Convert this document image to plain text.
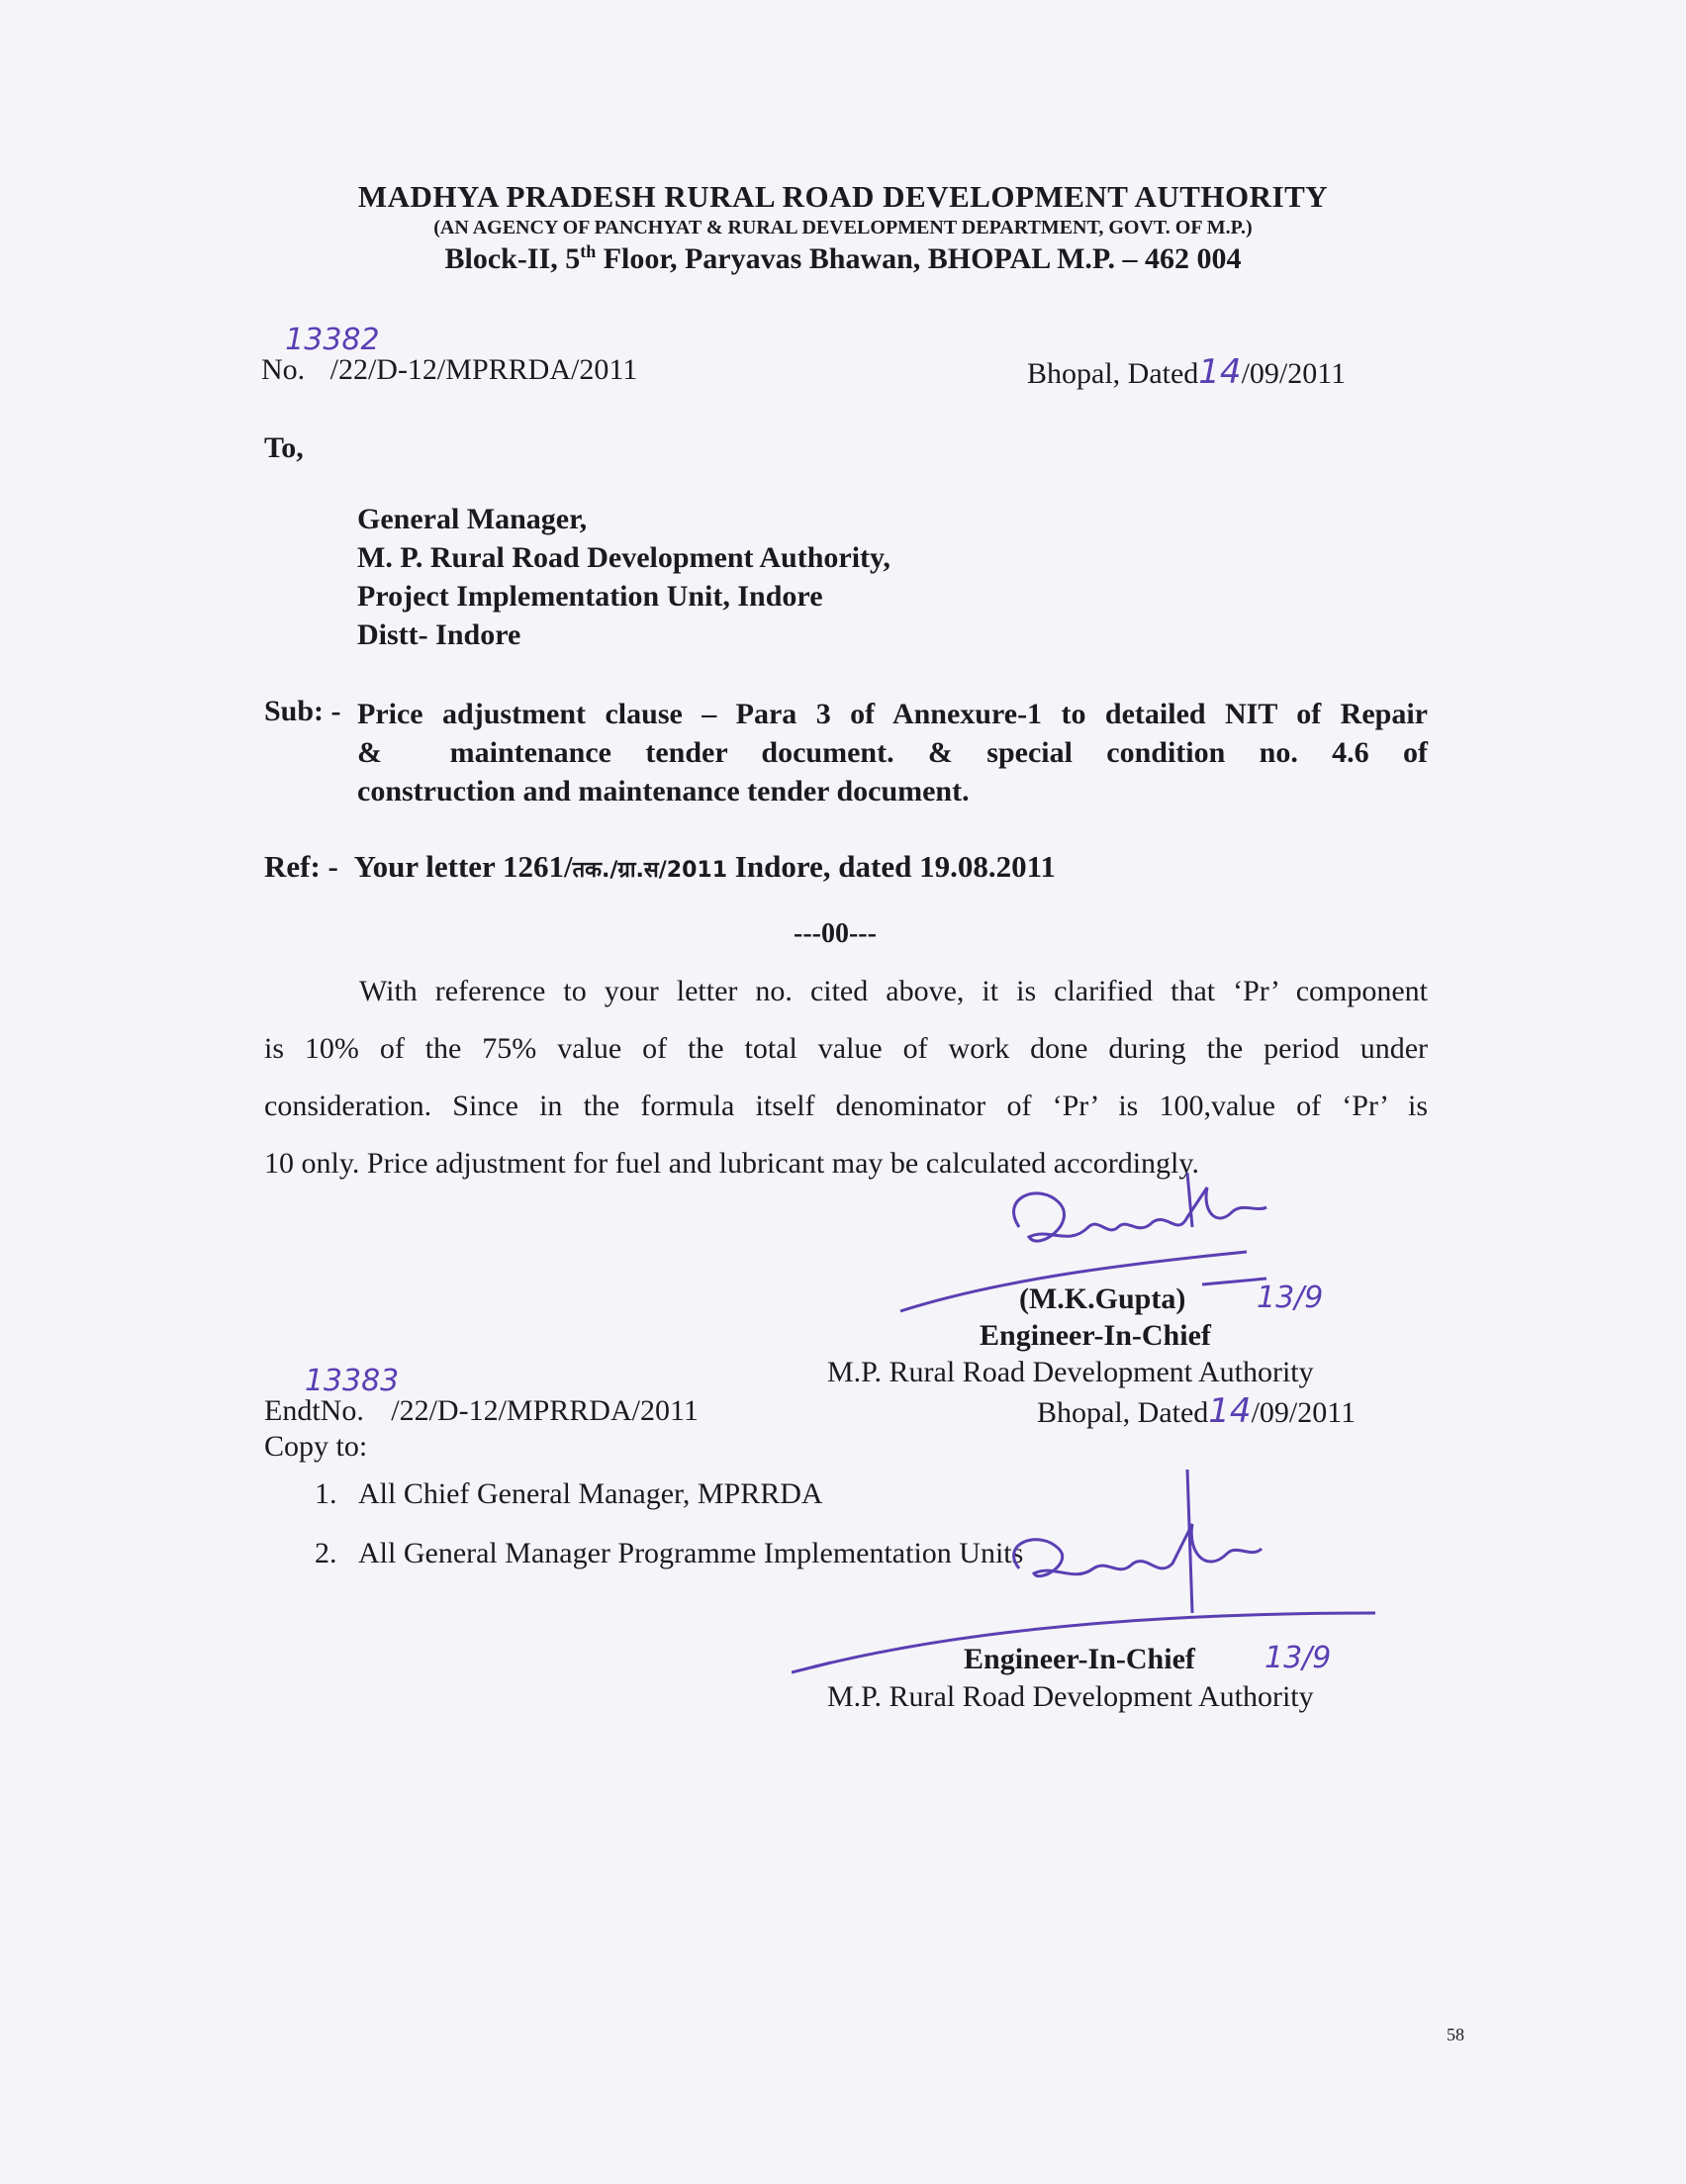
MADHYA PRADESH RURAL ROAD DEVELOPMENT AUTHORITY
(AN AGENCY OF PANCHYAT & RURAL DEVELOPMENT DEPARTMENT, GOVT. OF M.P.)
Block-II, 5th Floor, Paryavas Bhawan, BHOPAL M.P. – 462 004
No.13382/22/D-12/MPRRDA/2011	Bhopal, Dated14/09/2011
To,
General Manager,
M. P. Rural Road Development Authority,
Project Implementation Unit, Indore
Distt- Indore
Sub: - Price adjustment clause – Para 3 of Annexure-1 to detailed NIT of Repair
&    maintenance  tender  document.  &  special  condition  no.  4.6  of
construction and maintenance tender document.
Ref: - Your letter 1261/तक./ग्रा.स/2011 Indore, dated 19.08.2011
---00---
With reference to your letter no. cited above, it is clarified that ‘Pr’ component
is 10% of the 75% value of the total value of work done during the period under
consideration. Since in the formula itself denominator of ‘Pr’ is 100,value of ‘Pr’ is
10 only. Price adjustment for fuel and lubricant may be calculated accordingly.
(M.K.Gupta) 13/9
Engineer-In-Chief
M.P. Rural Road Development Authority
EndtNo.13383/22/D-12/MPRRDA/2011	Bhopal, Dated14/09/2011
Copy to:
1. All Chief General Manager, MPRRDA
2. All General Manager Programme Implementation Units
Engineer-In-Chief 13/9
M.P. Rural Road Development Authority
58
